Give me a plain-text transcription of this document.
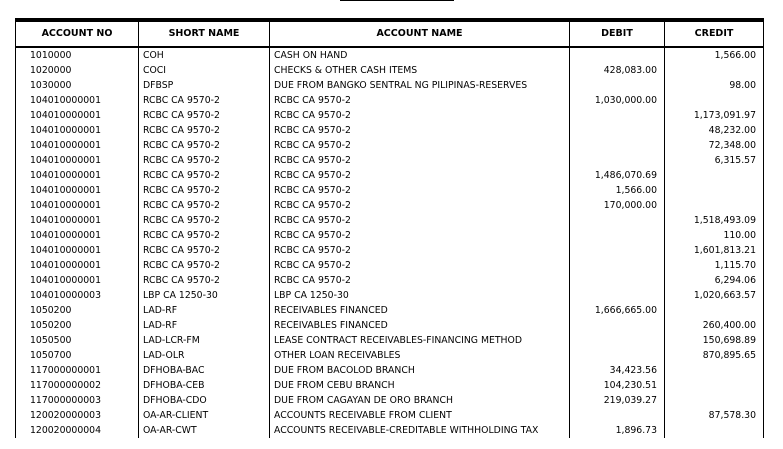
ACCOUNT NO	SHORT NAME	ACCOUNT NAME	DEBIT	CREDIT
1010000	COH	CASH ON HAND		1,566.00
1020000	COCI	CHECKS & OTHER CASH ITEMS	428,083.00	
1030000	DFBSP	DUE FROM BANGKO SENTRAL NG PILIPINAS-RESERVES		98.00
104010000001	RCBC CA 9570-2	RCBC CA 9570-2	1,030,000.00	
104010000001	RCBC CA 9570-2	RCBC CA 9570-2		1,173,091.97
104010000001	RCBC CA 9570-2	RCBC CA 9570-2		48,232.00
104010000001	RCBC CA 9570-2	RCBC CA 9570-2		72,348.00
104010000001	RCBC CA 9570-2	RCBC CA 9570-2		6,315.57
104010000001	RCBC CA 9570-2	RCBC CA 9570-2	1,486,070.69	
104010000001	RCBC CA 9570-2	RCBC CA 9570-2	1,566.00	
104010000001	RCBC CA 9570-2	RCBC CA 9570-2	170,000.00	
104010000001	RCBC CA 9570-2	RCBC CA 9570-2		1,518,493.09
104010000001	RCBC CA 9570-2	RCBC CA 9570-2		110.00
104010000001	RCBC CA 9570-2	RCBC CA 9570-2		1,601,813.21
104010000001	RCBC CA 9570-2	RCBC CA 9570-2		1,115.70
104010000001	RCBC CA 9570-2	RCBC CA 9570-2		6,294.06
104010000003	LBP CA 1250-30	LBP CA 1250-30		1,020,663.57
1050200	LAD-RF	RECEIVABLES FINANCED	1,666,665.00	
1050200	LAD-RF	RECEIVABLES FINANCED		260,400.00
1050500	LAD-LCR-FM	LEASE CONTRACT RECEIVABLES-FINANCING METHOD		150,698.89
1050700	LAD-OLR	OTHER LOAN RECEIVABLES		870,895.65
117000000001	DFHOBA-BAC	DUE FROM BACOLOD BRANCH	34,423.56	
117000000002	DFHOBA-CEB	DUE FROM CEBU BRANCH	104,230.51	
117000000003	DFHOBA-CDO	DUE FROM CAGAYAN DE ORO BRANCH	219,039.27	
120020000003	OA-AR-CLIENT	ACCOUNTS RECEIVABLE FROM CLIENT		87,578.30
120020000004	OA-AR-CWT	ACCOUNTS RECEIVABLE-CREDITABLE WITHHOLDING TAX	1,896.73	
